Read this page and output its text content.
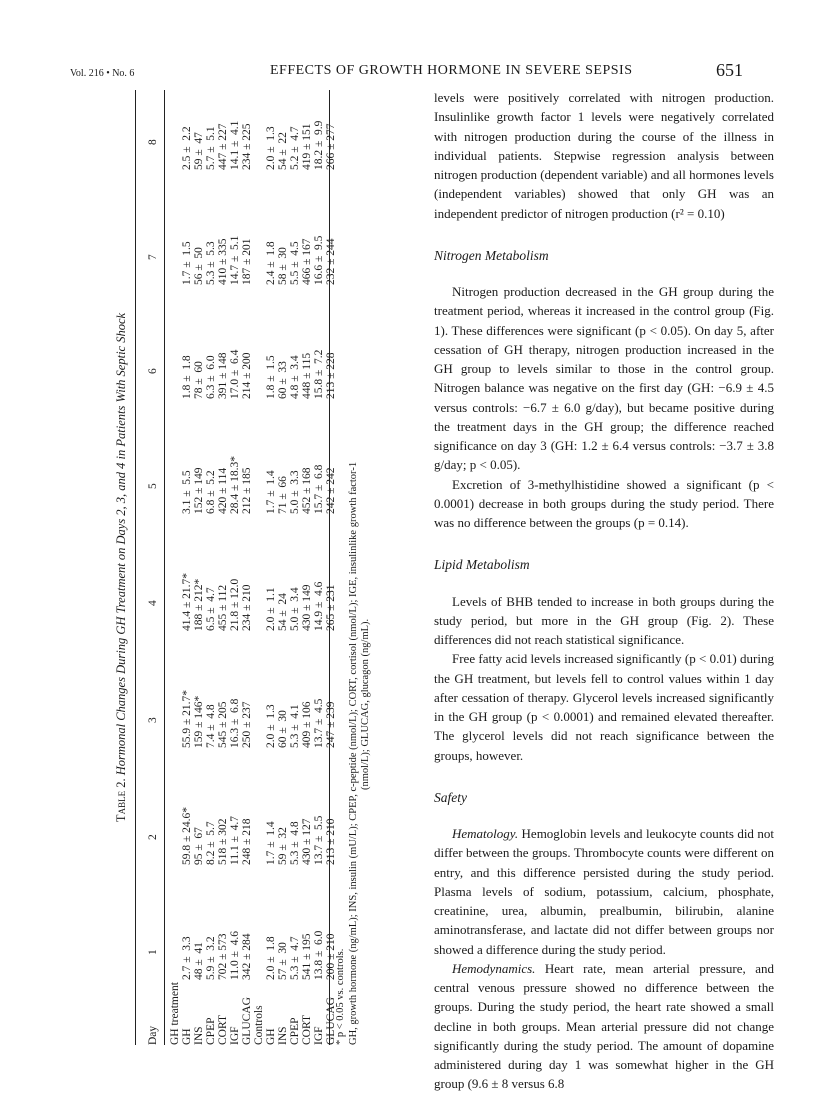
Vol. 216 • No. 6	EFFECTS OF GROWTH HORMONE IN SEVERE SEPSIS	651
Table 2. Hormonal Changes During GH Treatment on Days 2, 3, and 4 in Patients With Septic Shock
Day
1
2
3
4
5
6
7
8
GH treatment GH
2.7 ±  3.3
59.8 ± 24.6*
55.9 ± 21.7*
41.4 ± 21.7*
3.1 ±  5.5
1.8 ±  1.8
1.7 ±  1.5
2.5 ±  2.2
INS
48 ±  41
95 ±  67
159 ± 146*
188 ± 212*
152 ± 149
78 ±  60
56 ±  50
59 ±  47
CPEP
5.9 ±  3.2
8.2 ±  5.7
7.4 ±  4.8
6.5 ±  4.7
6.8 ±  5.2
6.3 ±  6.0
5.3 ±  5.3
5.7 ±  5.1
CORT
702 ± 573
518 ± 302
545 ± 205
455 ± 112
420 ± 114
391 ± 148
410 ± 335
447 ± 227
IGF
11.0 ±  4.6
11.1 ±  4.7
16.3 ±  6.8
21.8 ± 12.0
28.4 ± 18.3*
17.0 ±  6.4
14.7 ±  5.1
14.1 ±  4.1
GLUCAG
342 ± 284
248 ± 218
250 ± 237
234 ± 210
212 ± 185
214 ± 200
187 ± 201
234 ± 225
Controls GH
2.0 ±  1.8
1.7 ±  1.4
2.0 ±  1.3
2.0 ±  1.1
1.7 ±  1.4
1.8 ±  1.5
2.4 ±  1.8
2.0 ±  1.3
INS
57 ±  30
59 ±  32
60 ±  30
54 ±  24
71 ±  66
60 ±  33
58 ±  30
54 ±  22
CPEP
5.3 ±  4.7
5.3 ±  4.8
5.3 ±  4.1
5.0 ±  3.4
5.0 ±  3.3
4.8 ±  3.4
5.5 ±  4.5
5.2 ±  4.7
CORT
541 ± 195
430 ± 127
409 ± 106
430 ± 149
452 ± 168
448 ± 115
466 ± 167
419 ± 151
IGF
13.8 ±  6.0
13.7 ±  5.5
13.7 ±  4.5
14.9 ±  4.6
15.7 ±  6.8
15.8 ±  7.2
16.6 ±  9.5
18.2 ±  9.9
GLUCAG
200 ± 210
213 ± 210
247 ± 239
265 ± 231
242 ± 242
213 ± 228
232 ± 244
266 ± 277
* p < 0.05 vs. controls. GH, growth hormone (ng/mL); INS, insulin (mU/L); CPEP, c-peptide (nmol/L); CORT, cortisol (nmol/L); IGE, insulinlike growth factor-1 (nmol/L); GLUCAG, glucagon (ng/mL).

levels were positively correlated with nitrogen production. Insulinlike growth factor 1 levels were negatively correlated with nitrogen production during the course of the illness in individual patients. Stepwise regression analysis between nitrogen production (dependent variable) and all hormones levels (independent variables) showed that only GH was an independent predictor of nitrogen production (r² = 0.10)

Nitrogen Metabolism

Nitrogen production decreased in the GH group during the treatment period, whereas it increased in the control group (Fig. 1). These differences were significant (p < 0.05). On day 5, after cessation of GH therapy, nitrogen production increased in the GH group to levels similar to those in the control group. Nitrogen balance was negative on the first day (GH: −6.9 ± 4.5 versus controls: −6.7 ± 6.0 g/day), but became positive during the treatment days in the GH group; the difference reached significance on day 3 (GH: 1.2 ± 6.4 versus controls: −3.7 ± 3.8 g/day; p < 0.05).

Excretion of 3-methylhistidine showed a significant (p < 0.0001) decrease in both groups during the study period. There was no difference between the groups (p = 0.14).

Lipid Metabolism

Levels of BHB tended to increase in both groups during the study period, but more in the GH group (Fig. 2). These differences did not reach statistical significance.

Free fatty acid levels increased significantly (p < 0.01) during the GH treatment, but levels fell to control values within 1 day after cessation of therapy. Glycerol levels increased significantly in the GH group (p < 0.0001) and remained elevated thereafter. The glycerol levels did not reach significance between the groups, however.

Safety

Hematology. Hemoglobin levels and leukocyte counts did not differ between the groups. Thrombocyte counts were different on entry, and this difference persisted during the study period. Plasma levels of sodium, potassium, calcium, phosphate, creatinine, urea, albumin, prealbumin, bilirubin, alanine aminotransferase, and lactate did not differ between groups nor showed a difference during the study period.

Hemodynamics. Heart rate, mean arterial pressure, and central venous pressure showed no difference between the groups. During the study period, the heart rate showed a small decline in both groups. Mean arterial pressure did not change significantly during the study period. The amount of dopamine administered during day 1 was somewhat higher in the GH group (9.6 ± 8 versus 6.8
